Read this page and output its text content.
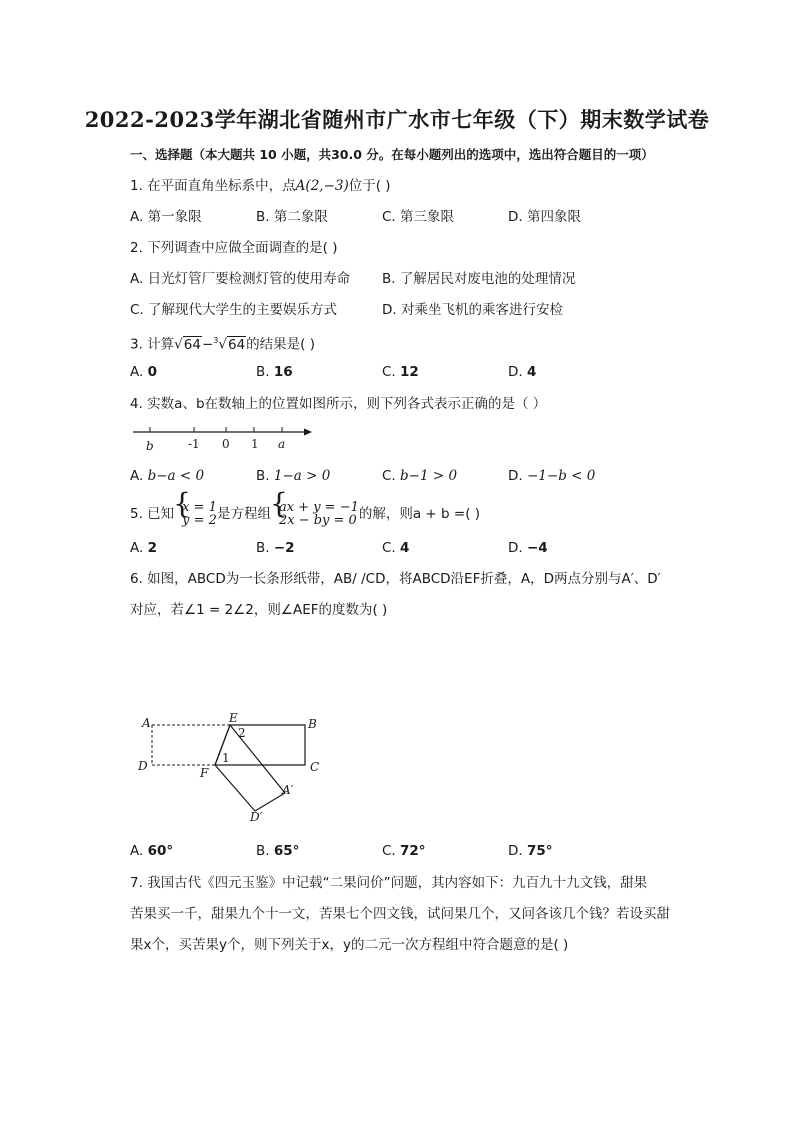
2022-2023学年湖北省随州市广水市七年级（下）期末数学试卷
一、选择题（本大题共 10 小题，共30.0 分。在每小题列出的选项中，选出符合题目的一项）
1. 在平面直角坐标系中，点A(2,−3)位于( )
A. 第一象限	B. 第二象限	C. 第三象限	D. 第四象限
2. 下列调查中应做全面调查的是( )
A. 日光灯管厂要检测灯管的使用寿命 B. 了解居民对废电池的处理情况
C. 了解现代大学生的主要娱乐方式	D. 对乘坐飞机的乘客进行安检
3. 计算√64−$^3$√64的结果是( )
A. 0	B. 16	C. 12	D. 4
4. 实数a、b在数轴上的位置如图所示，则下列各式表示正确的是（ ）
b	-1 0 1 a
A. b−a < 0	B. 1−a > 0	C. b−1 > 0	D. −1−b < 0
5. 已知 { x = 1
y = 2 是方程组 { ax + y = −1
2x − by = 0 的解，则a + b =( )
A. 2	B. −2	C. 4	D. −4
6. 如图，ABCD为一长条形纸带，AB/ /CD，将ABCD沿EF折叠，A，D两点分别与A′、D′
对应，若∠1 = 2∠2，则∠AEF的度数为( )
A	E	B
2
1
D	F	C
A′
D′
A. 60°	B. 65°	C. 72°	D. 75°
7. 我国古代《四元玉鉴》中记载“二果问价”问题，其内容如下：九百九十九文钱，甜果
苦果买一千，甜果九个十一文，苦果七个四文钱，试问果几个，又问各该几个钱？若设买甜
果x个，买苦果y个，则下列关于x，y的二元一次方程组中符合题意的是( )
